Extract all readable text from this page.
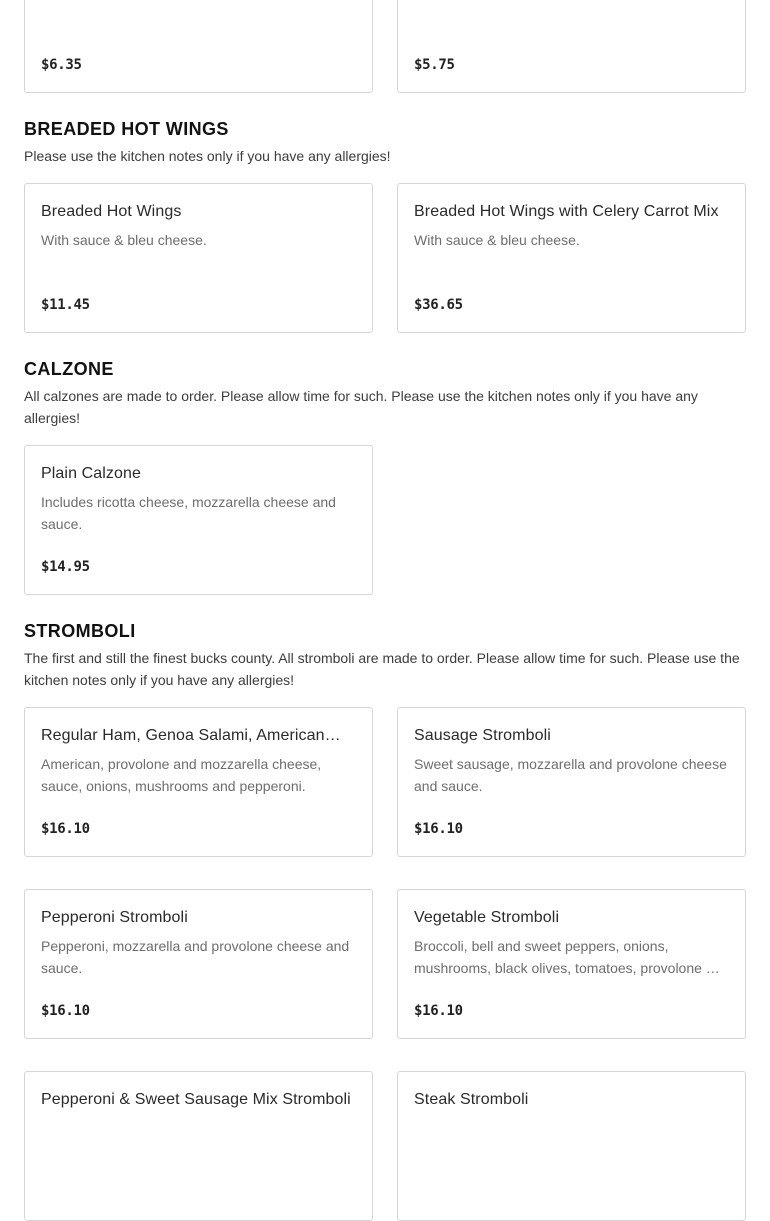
$6.35	$5.75
BREADED HOT WINGS

Please use the kitchen notes only if you have any allergies!

Breaded Hot Wings
With sauce & bleu cheese.
$11.45
Breaded Hot Wings with Celery Carrot Mix
With sauce & bleu cheese.
$36.65
CALZONE

All calzones are made to order. Please allow time for such. Please use the kitchen notes only if you have any allergies!

Plain Calzone
Includes ricotta cheese, mozzarella cheese and sauce.
$14.95
STROMBOLI

The first and still the finest bucks county. All stromboli are made to order. Please allow time for such. Please use the kitchen notes only if you have any allergies!

Regular Ham, Genoa Salami, American…
American, provolone and mozzarella cheese, sauce, onions, mushrooms and pepperoni.
$16.10
Sausage Stromboli
Sweet sausage, mozzarella and provolone cheese and sauce.
$16.10
Pepperoni Stromboli
Pepperoni, mozzarella and provolone cheese and sauce.
$16.10
Vegetable Stromboli
Broccoli, bell and sweet peppers, onions, mushrooms, black olives, tomatoes, provolone …
$16.10
Pepperoni & Sweet Sausage Mix Stromboli	Steak Stromboli
